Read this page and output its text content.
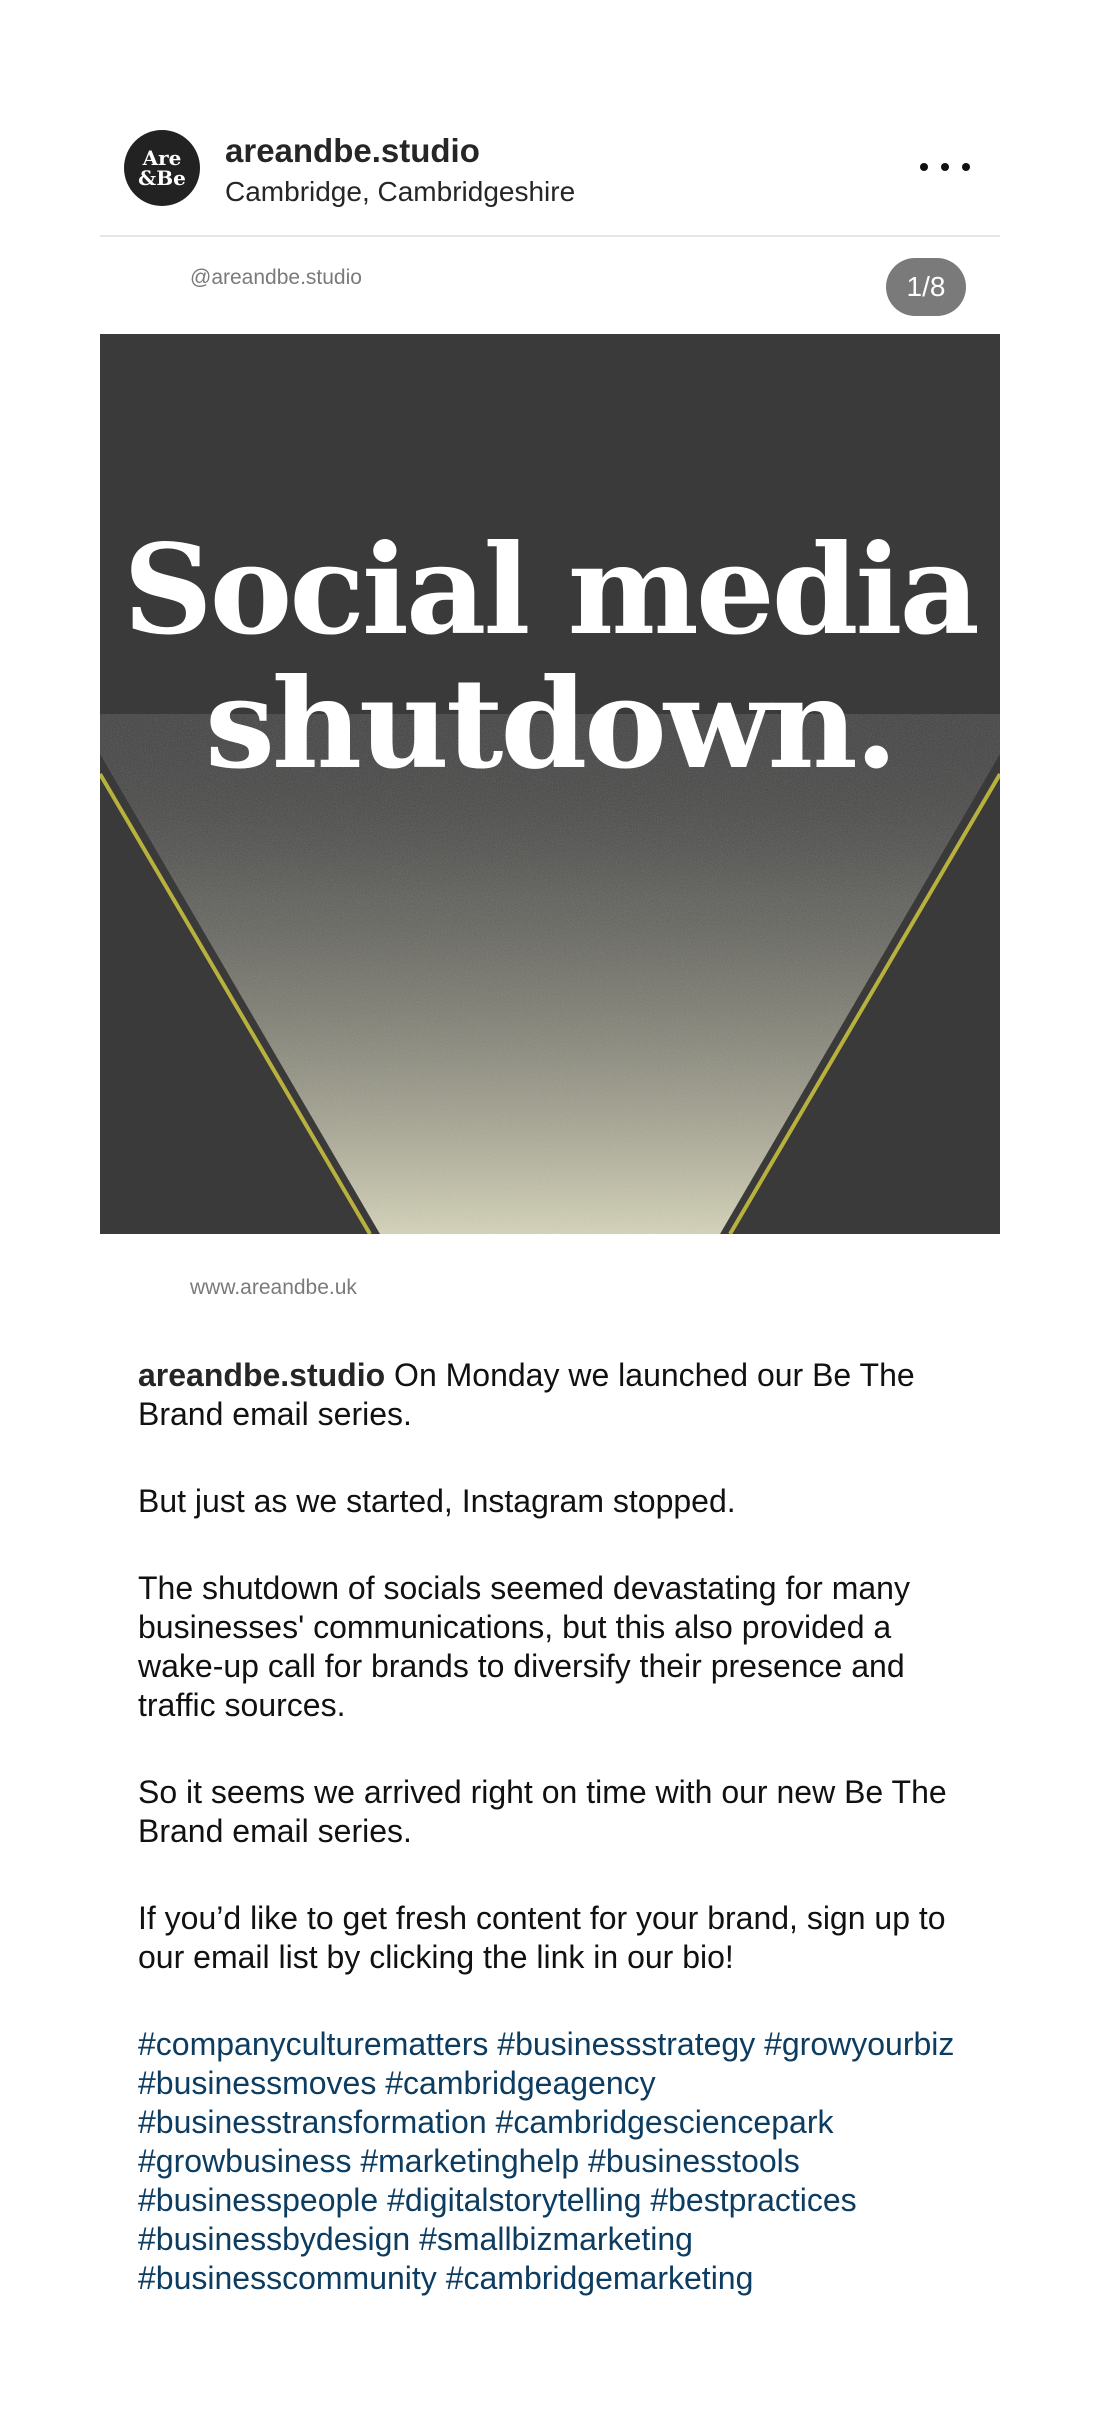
Are
&Be
areandbe.studio
Cambridge, Cambridgeshire
@areandbe.studio	1/8
Social media
shutdown.
www.areandbe.uk

areandbe.studio On Monday we launched our Be The Brand email series.

But just as we started, Instagram stopped.

The shutdown of socials seemed devastating for many businesses' communications, but this also provided a wake-up call for brands to diversify their presence and traffic sources.

So it seems we arrived right on time with our new Be The Brand email series.

If you’d like to get fresh content for your brand, sign up to our email list by clicking the link in our bio!

#companyculturematters #businessstrategy #growyourbiz #businessmoves #cambridgeagency #businesstransformation #cambridgesciencepark #growbusiness #marketinghelp #businesstools #businesspeople #digitalstorytelling #bestpractices #businessbydesign #smallbizmarketing #businesscommunity #cambridgemarketing
